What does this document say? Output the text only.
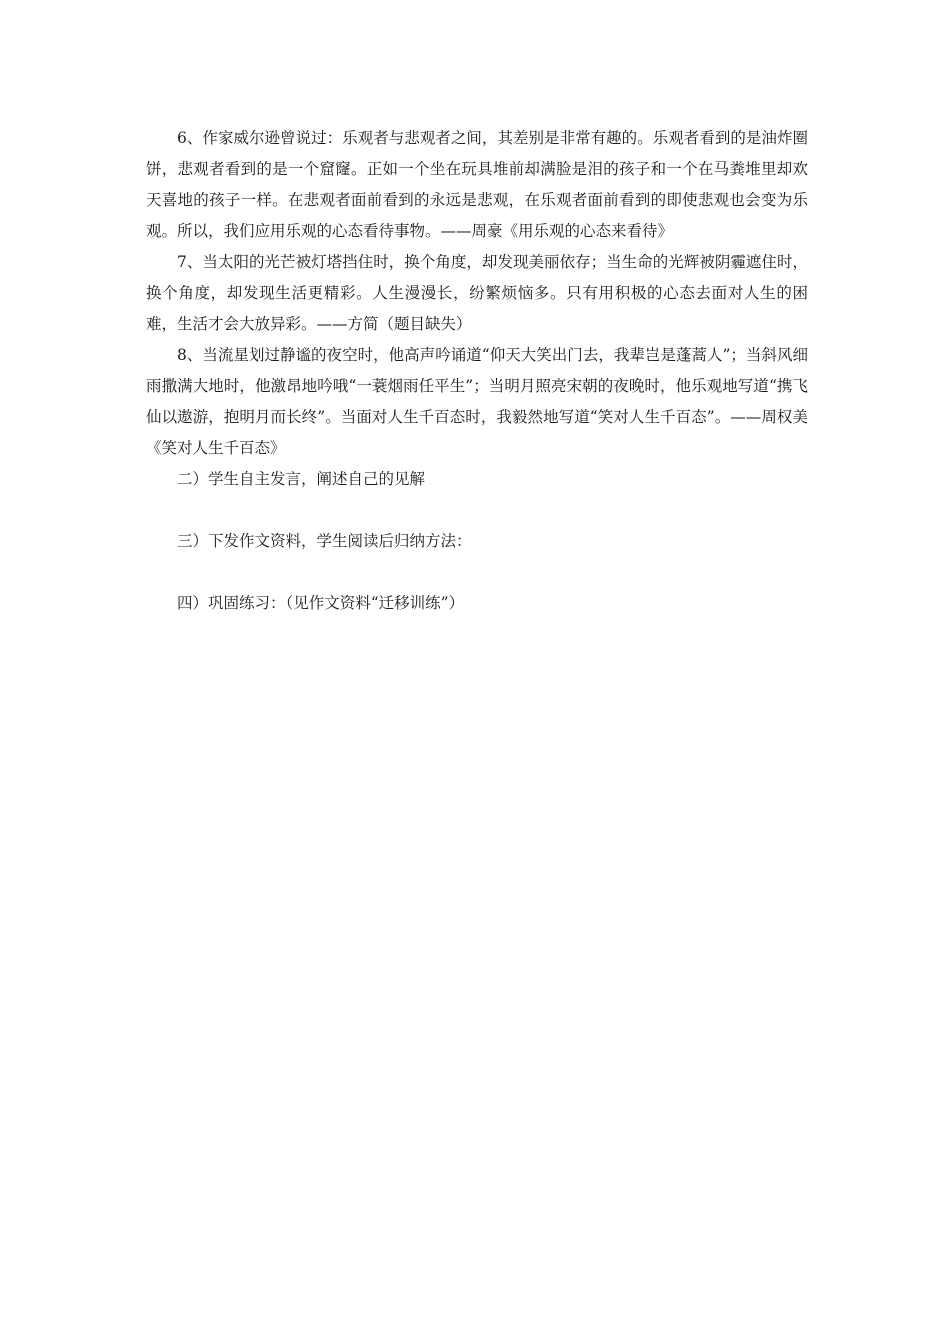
6、作家威尔逊曾说过：乐观者与悲观者之间，其差别是非常有趣的。乐观者看到的是油炸圈饼，悲观者看到的是一个窟窿。正如一个坐在玩具堆前却满脸是泪的孩子和一个在马粪堆里却欢天喜地的孩子一样。在悲观者面前看到的永远是悲观，在乐观者面前看到的即使悲观也会变为乐观。所以，我们应用乐观的心态看待事物。——周豪《用乐观的心态来看待》

7、当太阳的光芒被灯塔挡住时，换个角度，却发现美丽依存；当生命的光辉被阴霾遮住时，换个角度，却发现生活更精彩。人生漫漫长，纷繁烦恼多。只有用积极的心态去面对人生的困难，生活才会大放异彩。——方简（题目缺失）

8、当流星划过静谧的夜空时，他高声吟诵道“仰天大笑出门去，我辈岂是蓬蒿人”；当斜风细雨撒满大地时，他激昂地吟哦“一蓑烟雨任平生”；当明月照亮宋朝的夜晚时，他乐观地写道“携飞仙以遨游，抱明月而长终”。当面对人生千百态时，我毅然地写道“笑对人生千百态”。——周权美《笑对人生千百态》

二）学生自主发言，阐述自己的见解

三）下发作文资料，学生阅读后归纳方法：

四）巩固练习：（见作文资料“迁移训练”）
